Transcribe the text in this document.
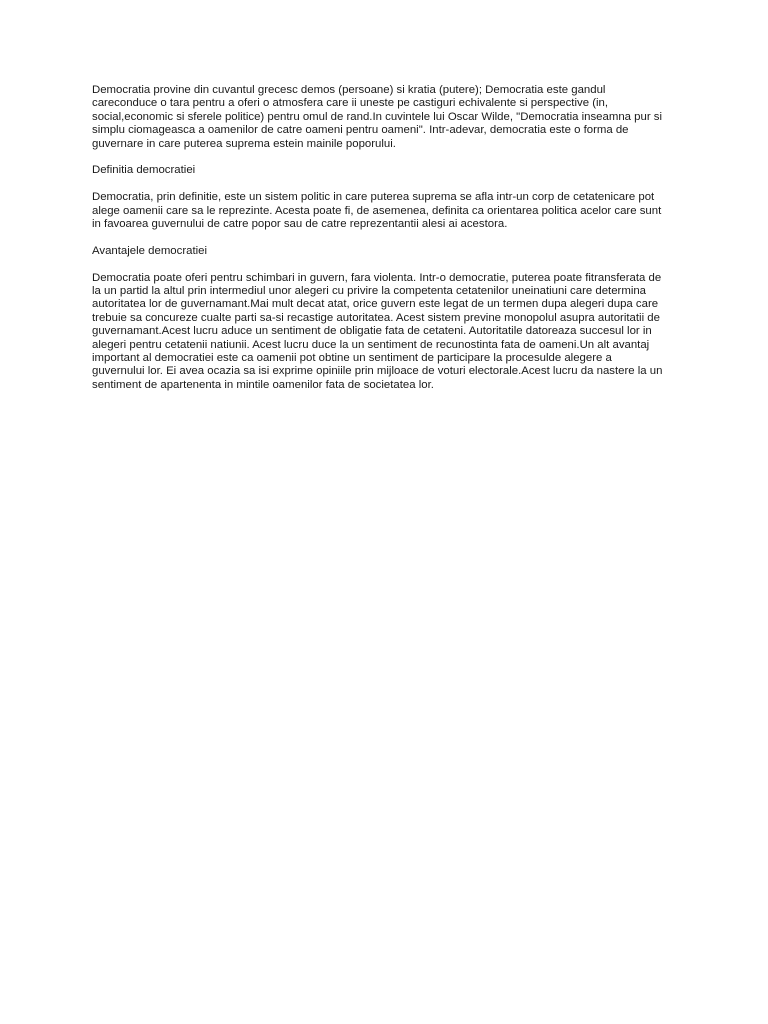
Democratia provine din cuvantul grecesc demos (persoane) si kratia (putere); Democratia este gandul
careconduce o tara pentru a oferi o atmosfera care ii uneste pe castiguri echivalente si perspective (in,
social,economic si sferele politice) pentru omul de rand.In cuvintele lui Oscar Wilde, "Democratia inseamna pur si
simplu ciomageasca a oamenilor de catre oameni pentru oameni". Intr-adevar, democratia este o forma de
guvernare in care puterea suprema estein mainile poporului.

Definitia democratiei

Democratia, prin definitie, este un sistem politic in care puterea suprema se afla intr-un corp de cetatenicare pot
alege oamenii care sa le reprezinte. Acesta poate fi, de asemenea, definita ca orientarea politica acelor care sunt
in favoarea guvernului de catre popor sau de catre reprezentantii alesi ai acestora.

Avantajele democratiei

Democratia poate oferi pentru schimbari in guvern, fara violenta. Intr-o democratie, puterea poate fitransferata de
la un partid la altul prin intermediul unor alegeri cu privire la competenta cetatenilor uneinatiuni care determina
autoritatea lor de guvernamant.Mai mult decat atat, orice guvern este legat de un termen dupa alegeri dupa care
trebuie sa concureze cualte parti sa-si recastige autoritatea. Acest sistem previne monopolul asupra autoritatii de
guvernamant.Acest lucru aduce un sentiment de obligatie fata de cetateni. Autoritatile datoreaza succesul lor in
alegeri pentru cetatenii natiunii. Acest lucru duce la un sentiment de recunostinta fata de oameni.Un alt avantaj
important al democratiei este ca oamenii pot obtine un sentiment de participare la procesulde alegere a
guvernului lor. Ei avea ocazia sa isi exprime opiniile prin mijloace de voturi electorale.Acest lucru da nastere la un
sentiment de apartenenta in mintile oamenilor fata de societatea lor.
